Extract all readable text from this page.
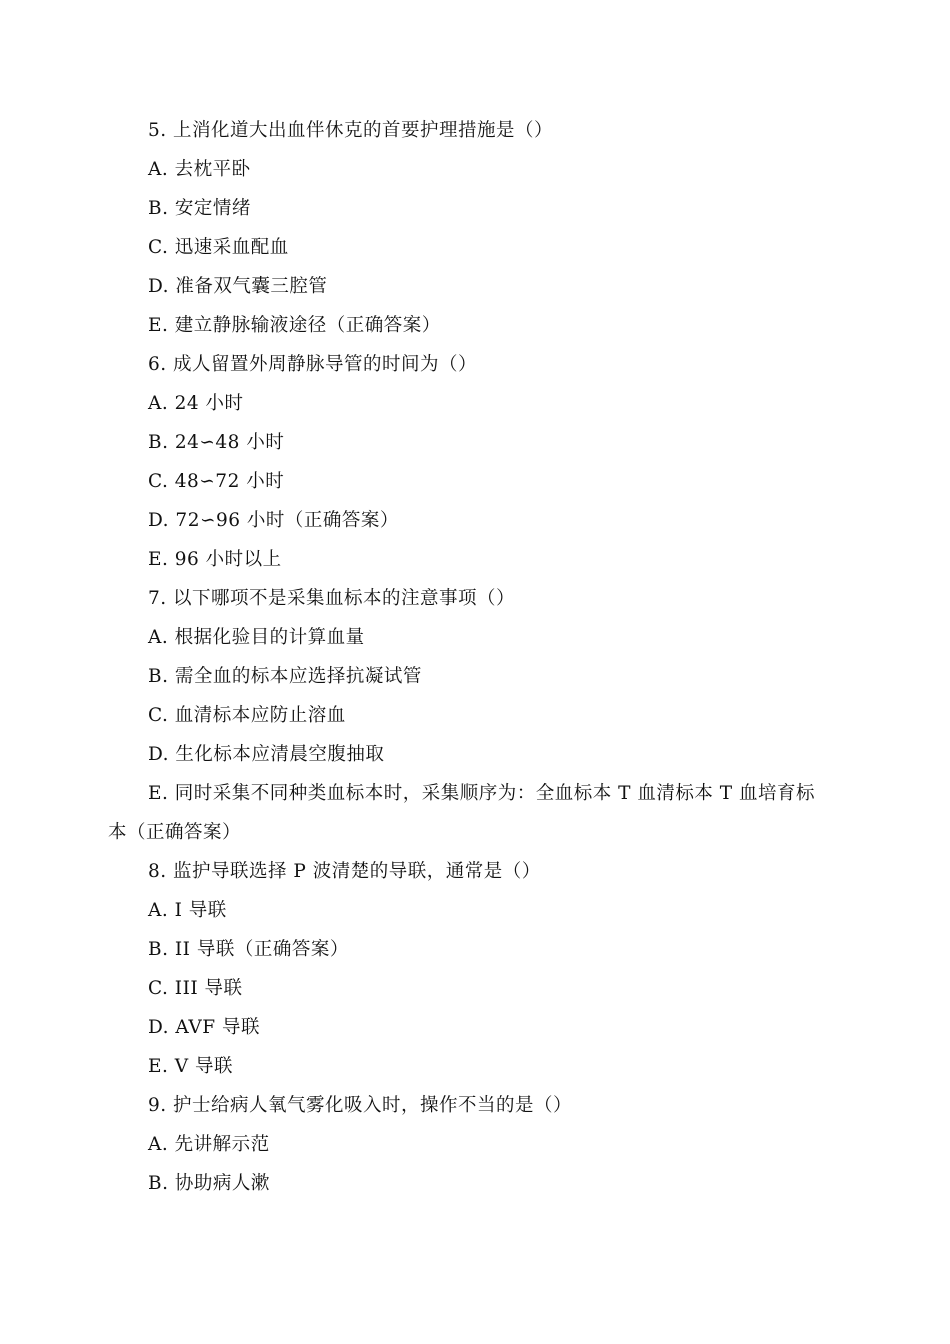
5. 上消化道大出血伴休克的首要护理措施是（）
A. 去枕平卧
B. 安定情绪
C. 迅速采血配血
D. 准备双气囊三腔管
E. 建立静脉输液途径（正确答案）
6. 成人留置外周静脉导管的时间为（）
A. 24 小时
B. 24∽48 小时
C. 48∽72 小时
D. 72∽96 小时（正确答案）
E. 96 小时以上
7. 以下哪项不是采集血标本的注意事项（）
A. 根据化验目的计算血量
B. 需全血的标本应选择抗凝试管
C. 血清标本应防止溶血
D. 生化标本应清晨空腹抽取
E. 同时采集不同种类血标本时，采集顺序为：全血标本 T 血清标本 T 血培育标
本（正确答案）
8. 监护导联选择 P 波清楚的导联，通常是（）
A. I 导联
B. II 导联（正确答案）
C. III 导联
D. AVF 导联
E. V 导联
9. 护士给病人氧气雾化吸入时，操作不当的是（）
A. 先讲解示范
B. 协助病人漱
